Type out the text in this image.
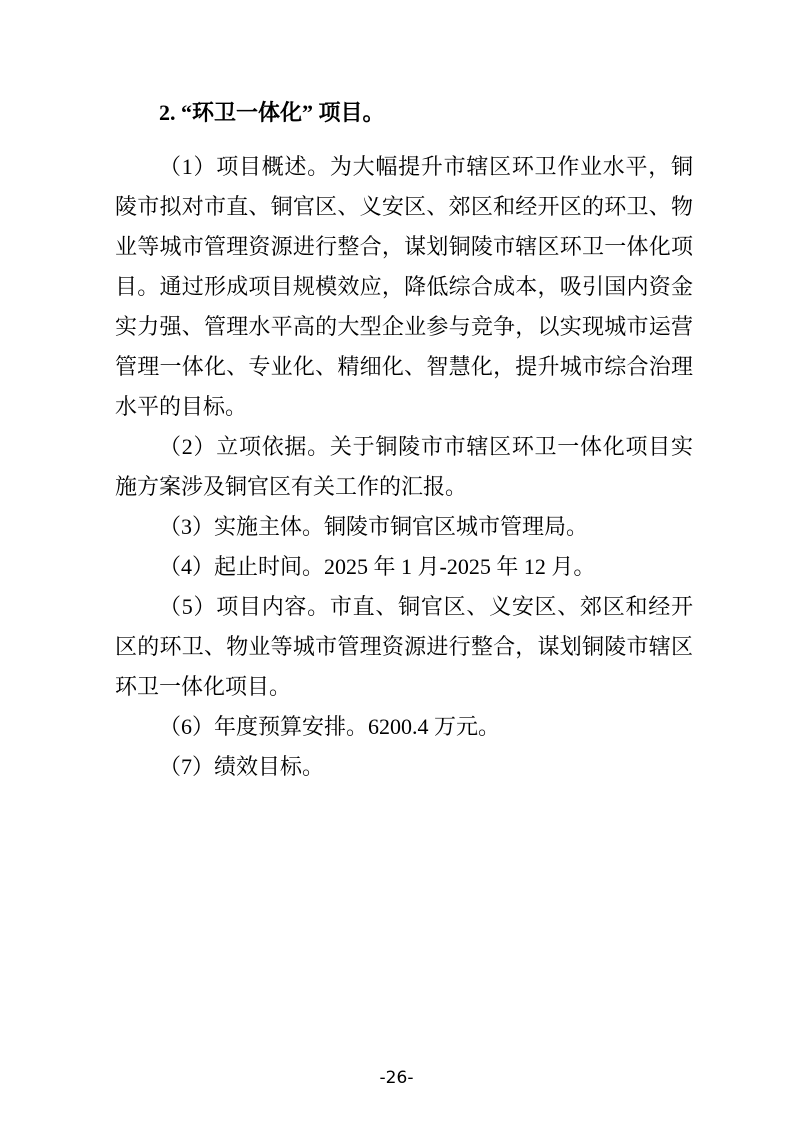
2. “环卫一体化” 项目。

（1）项目概述。为大幅提升市辖区环卫作业水平，铜陵市拟对市直、铜官区、义安区、郊区和经开区的环卫、物业等城市管理资源进行整合，谋划铜陵市辖区环卫一体化项目。通过形成项目规模效应，降低综合成本，吸引国内资金实力强、管理水平高的大型企业参与竞争，以实现城市运营管理一体化、专业化、精细化、智慧化，提升城市综合治理水平的目标。

（2）立项依据。关于铜陵市市辖区环卫一体化项目实施方案涉及铜官区有关工作的汇报。

（3）实施主体。铜陵市铜官区城市管理局。

（4）起止时间。2025 年 1 月-2025 年 12 月。

（5）项目内容。市直、铜官区、义安区、郊区和经开区的环卫、物业等城市管理资源进行整合，谋划铜陵市辖区环卫一体化项目。

（6）年度预算安排。6200.4 万元。

（7）绩效目标。

-26-
